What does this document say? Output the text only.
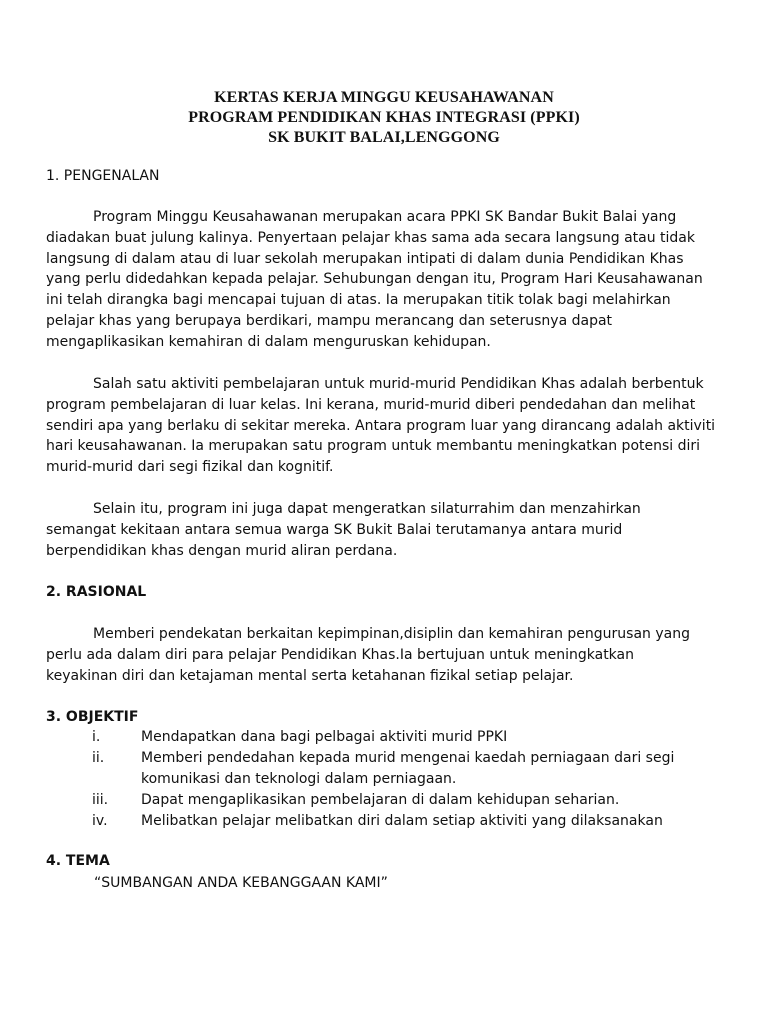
KERTAS KERJA MINGGU KEUSAHAWANAN
PROGRAM PENDIDIKAN KHAS INTEGRASI (PPKI)
SK BUKIT BALAI,LENGGONG
1. PENGENALAN
Program Minggu Keusahawanan merupakan acara PPKI SK Bandar Bukit Balai yang
diadakan buat julung kalinya. Penyertaan pelajar khas sama ada secara langsung atau tidak
langsung di dalam atau di luar sekolah merupakan intipati di dalam dunia Pendidikan Khas
yang perlu didedahkan kepada pelajar. Sehubungan dengan itu, Program Hari Keusahawanan
ini telah dirangka bagi mencapai tujuan di atas. Ia merupakan titik tolak bagi melahirkan
pelajar khas yang berupaya berdikari, mampu merancang dan seterusnya dapat
mengaplikasikan kemahiran di dalam menguruskan kehidupan.
Salah satu aktiviti pembelajaran untuk murid-murid Pendidikan Khas adalah berbentuk
program pembelajaran di luar kelas. Ini kerana, murid-murid diberi pendedahan dan melihat
sendiri apa yang berlaku di sekitar mereka. Antara program luar yang dirancang adalah aktiviti
hari keusahawanan. Ia merupakan satu program untuk membantu meningkatkan potensi diri
murid-murid dari segi fizikal dan kognitif.
Selain itu, program ini juga dapat mengeratkan silaturrahim dan menzahirkan
semangat kekitaan antara semua warga SK Bukit Balai terutamanya antara murid
berpendidikan khas dengan murid aliran perdana.
2. RASIONAL
Memberi pendekatan berkaitan kepimpinan,disiplin dan kemahiran pengurusan yang
perlu ada dalam diri para pelajar Pendidikan Khas.Ia bertujuan untuk meningkatkan
keyakinan diri dan ketajaman mental serta ketahanan fizikal setiap pelajar.
3. OBJEKTIF
i.	Mendapatkan dana bagi pelbagai aktiviti murid PPKI
ii.	Memberi pendedahan kepada murid mengenai kaedah perniagaan dari segi
komunikasi dan teknologi dalam perniagaan.
iii. Dapat mengaplikasikan pembelajaran di dalam kehidupan seharian.
iv. Melibatkan pelajar melibatkan diri dalam setiap aktiviti yang dilaksanakan
4. TEMA
“SUMBANGAN ANDA KEBANGGAAN KAMI”
